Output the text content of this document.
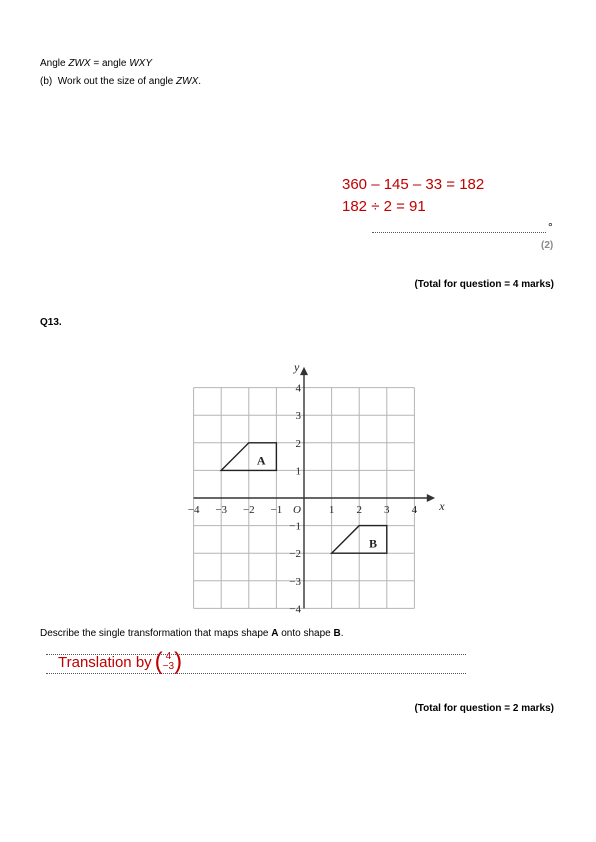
Angle ZWX = angle WXY
(b) Work out the size of angle ZWX.
360 – 145 – 33 = 182
182 ÷ 2 = 91
°
(2)
(Total for question = 4 marks)
Q13.
−4 −3 −2 −1	1 2 3 4
4
3
2
1
−1
−2
−3
−4
O	x
y
A
B
Describe the single transformation that maps shape A onto shape B.
Translation by ( 4
−3 )
(Total for question = 2 marks)
